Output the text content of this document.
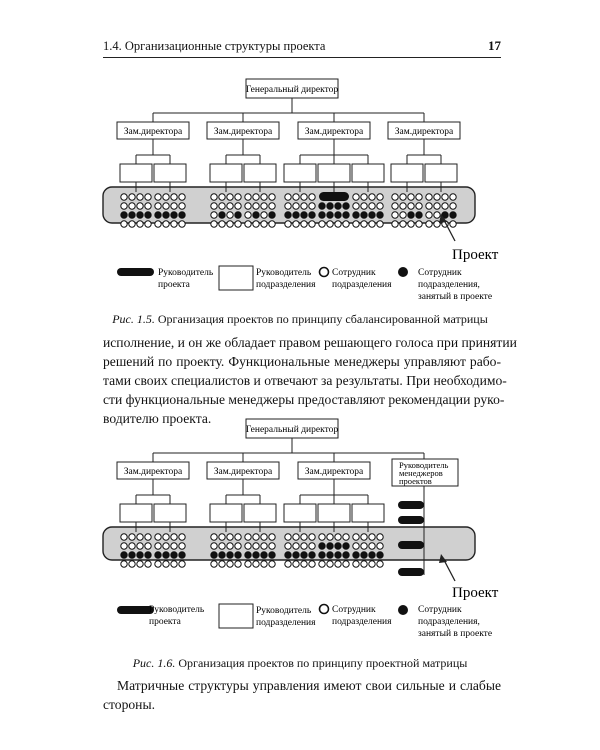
1.4. Организационные структуры проекта	17
Генеральный директор
Зам.директора	Зам.директора	Зам.директора	Зам.директора
Проект
Руководитель
проекта
Руководитель
подразделения
Сотрудник
подразделения
Сотрудник
подразделения,
занятый в проекте
Рис. 1.5. Организация проектов по принципу сбалансированной матрицы
исполнение, и он же обладает правом решающего голоса при принятии
решений по проекту. Функциональные менеджеры управляют рабо-
тами своих специалистов и отвечают за результаты. При необходимо-
сти функциональные менеджеры предоставляют рекомендации руко-
водителю проекта.
Генеральный директор
Зам.директора	Зам.директора	Зам.директора
Руководитель
менеджеров
проектов
Проект
Руководитель
проекта
Руководитель
подразделения
Сотрудник
подразделения
Сотрудник
подразделения,
занятый в проекте
Рис. 1.6. Организация проектов по принципу проектной матрицы
Матричные структуры управления имеют свои сильные и слабые
стороны.
